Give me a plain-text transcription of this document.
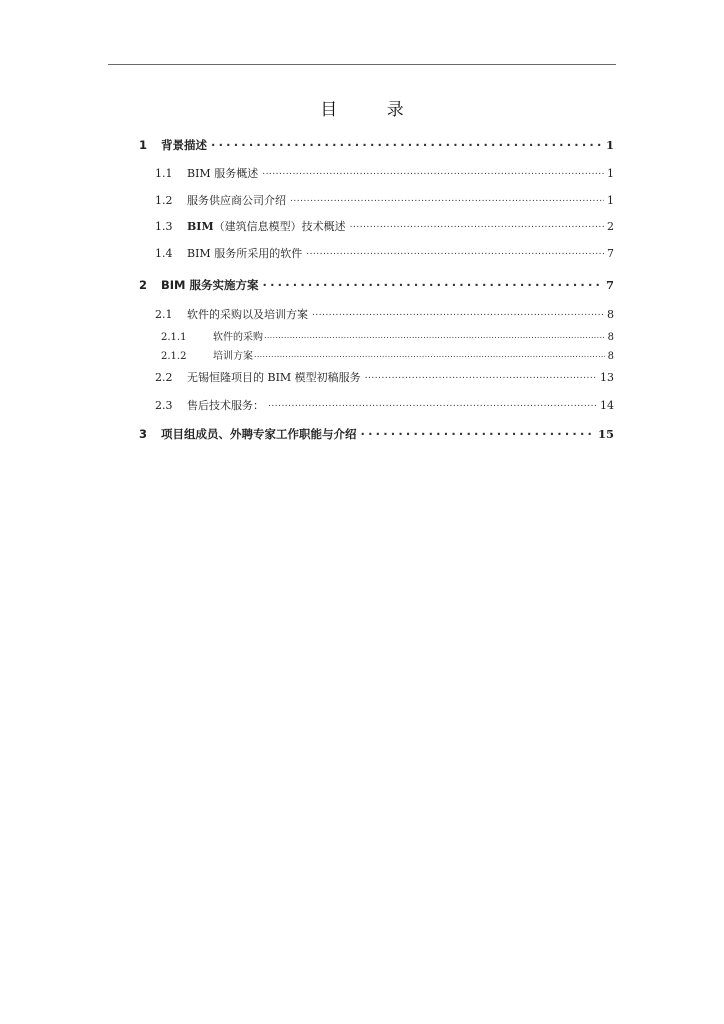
目 录
1	背景描述 .....	1
1.1	BIM 服务概述 .....	1
1.2	服务供应商公司介绍 .....	1
1.3	BIM（建筑信息模型）技术概述 .....	2
1.4	BIM 服务所采用的软件 .....	7
2	BIM 服务实施方案 .....	7
2.1	软件的采购以及培训方案 .....	8
2.1.1	软件的采购 .....	8
2.1.2	培训方案 .....	8
2.2	无锡恒隆项目的 BIM 模型初稿服务 .....	13
2.3	售后技术服务： .....	14
3	项目组成员、外聘专家工作职能与介绍 .....	15
